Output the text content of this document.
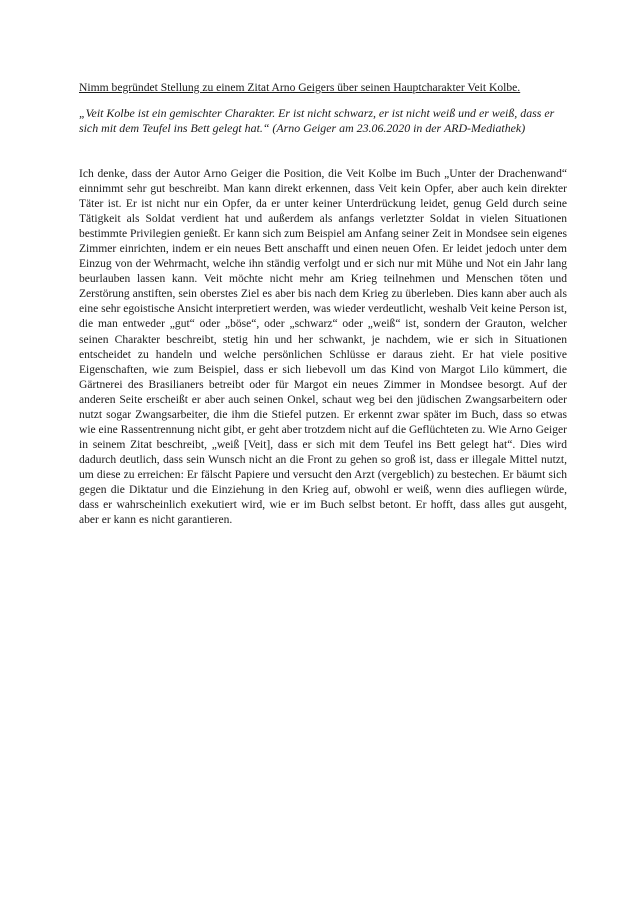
Nimm begründet Stellung zu einem Zitat Arno Geigers über seinen Hauptcharakter Veit Kolbe.

„Veit Kolbe ist ein gemischter Charakter. Er ist nicht schwarz, er ist nicht weiß und er weiß, dass er sich mit dem Teufel ins Bett gelegt hat.“ (Arno Geiger am 23.06.2020 in der ARD-Mediathek)

Ich denke, dass der Autor Arno Geiger die Position, die Veit Kolbe im Buch „Unter der Drachenwand“ einnimmt sehr gut beschreibt. Man kann direkt erkennen, dass Veit kein Opfer, aber auch kein direkter Täter ist. Er ist nicht nur ein Opfer, da er unter keiner Unterdrückung leidet, genug Geld durch seine Tätigkeit als Soldat verdient hat und außerdem als anfangs verletzter Soldat in vielen Situationen bestimmte Privilegien genießt. Er kann sich zum Beispiel am Anfang seiner Zeit in Mondsee sein eigenes Zimmer einrichten, indem er ein neues Bett anschafft und einen neuen Ofen. Er leidet jedoch unter dem Einzug von der Wehrmacht, welche ihn ständig verfolgt und er sich nur mit Mühe und Not ein Jahr lang beurlauben lassen kann. Veit möchte nicht mehr am Krieg teilnehmen und Menschen töten und Zerstörung anstiften, sein oberstes Ziel es aber bis nach dem Krieg zu überleben. Dies kann aber auch als eine sehr egoistische Ansicht interpretiert werden, was wieder verdeutlicht, weshalb Veit keine Person ist, die man entweder „gut“ oder „böse“, oder „schwarz“ oder „weiß“ ist, sondern der Grauton, welcher seinen Charakter beschreibt, stetig hin und her schwankt, je nachdem, wie er sich in Situationen entscheidet zu handeln und welche persönlichen Schlüsse er daraus zieht. Er hat viele positive Eigenschaften, wie zum Beispiel, dass er sich liebevoll um das Kind von Margot Lilo kümmert, die Gärtnerei des Brasilianers betreibt oder für Margot ein neues Zimmer in Mondsee besorgt. Auf der anderen Seite erscheißt er aber auch seinen Onkel, schaut weg bei den jüdischen Zwangsarbeitern oder nutzt sogar Zwangsarbeiter, die ihm die Stiefel putzen. Er erkennt zwar später im Buch, dass so etwas wie eine Rassentrennung nicht gibt, er geht aber trotzdem nicht auf die Geflüchteten zu. Wie Arno Geiger in seinem Zitat beschreibt, „weiß [Veit], dass er sich mit dem Teufel ins Bett gelegt hat“. Dies wird dadurch deutlich, dass sein Wunsch nicht an die Front zu gehen so groß ist, dass er illegale Mittel nutzt, um diese zu erreichen: Er fälscht Papiere und versucht den Arzt (vergeblich) zu bestechen. Er bäumt sich gegen die Diktatur und die Einziehung in den Krieg auf, obwohl er weiß, wenn dies aufliegen würde, dass er wahrscheinlich exekutiert wird, wie er im Buch selbst betont. Er hofft, dass alles gut ausgeht, aber er kann es nicht garantieren.
